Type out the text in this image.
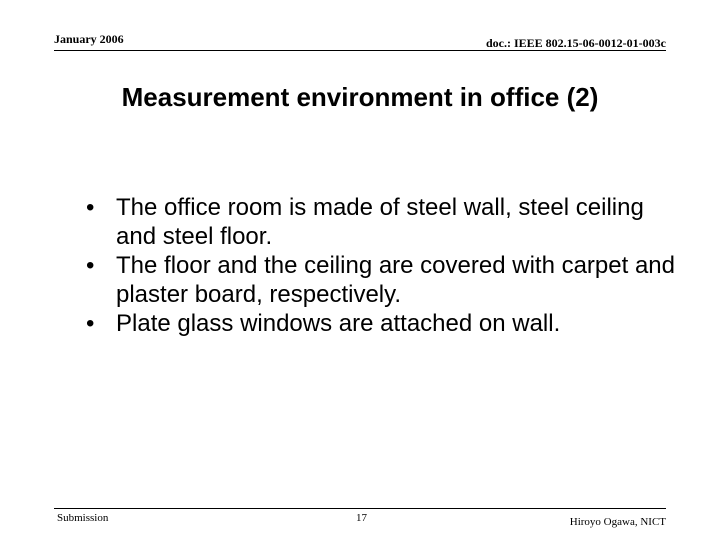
January 2006	doc.: IEEE 802.15-06-0012-01-003c
Measurement environment in office (2)
• The office room is made of steel wall, steel ceiling and steel floor.
• The floor and the ceiling are covered with carpet and plaster board, respectively.
• Plate glass windows are attached on wall.
Submission	17	Hiroyo Ogawa, NICT
